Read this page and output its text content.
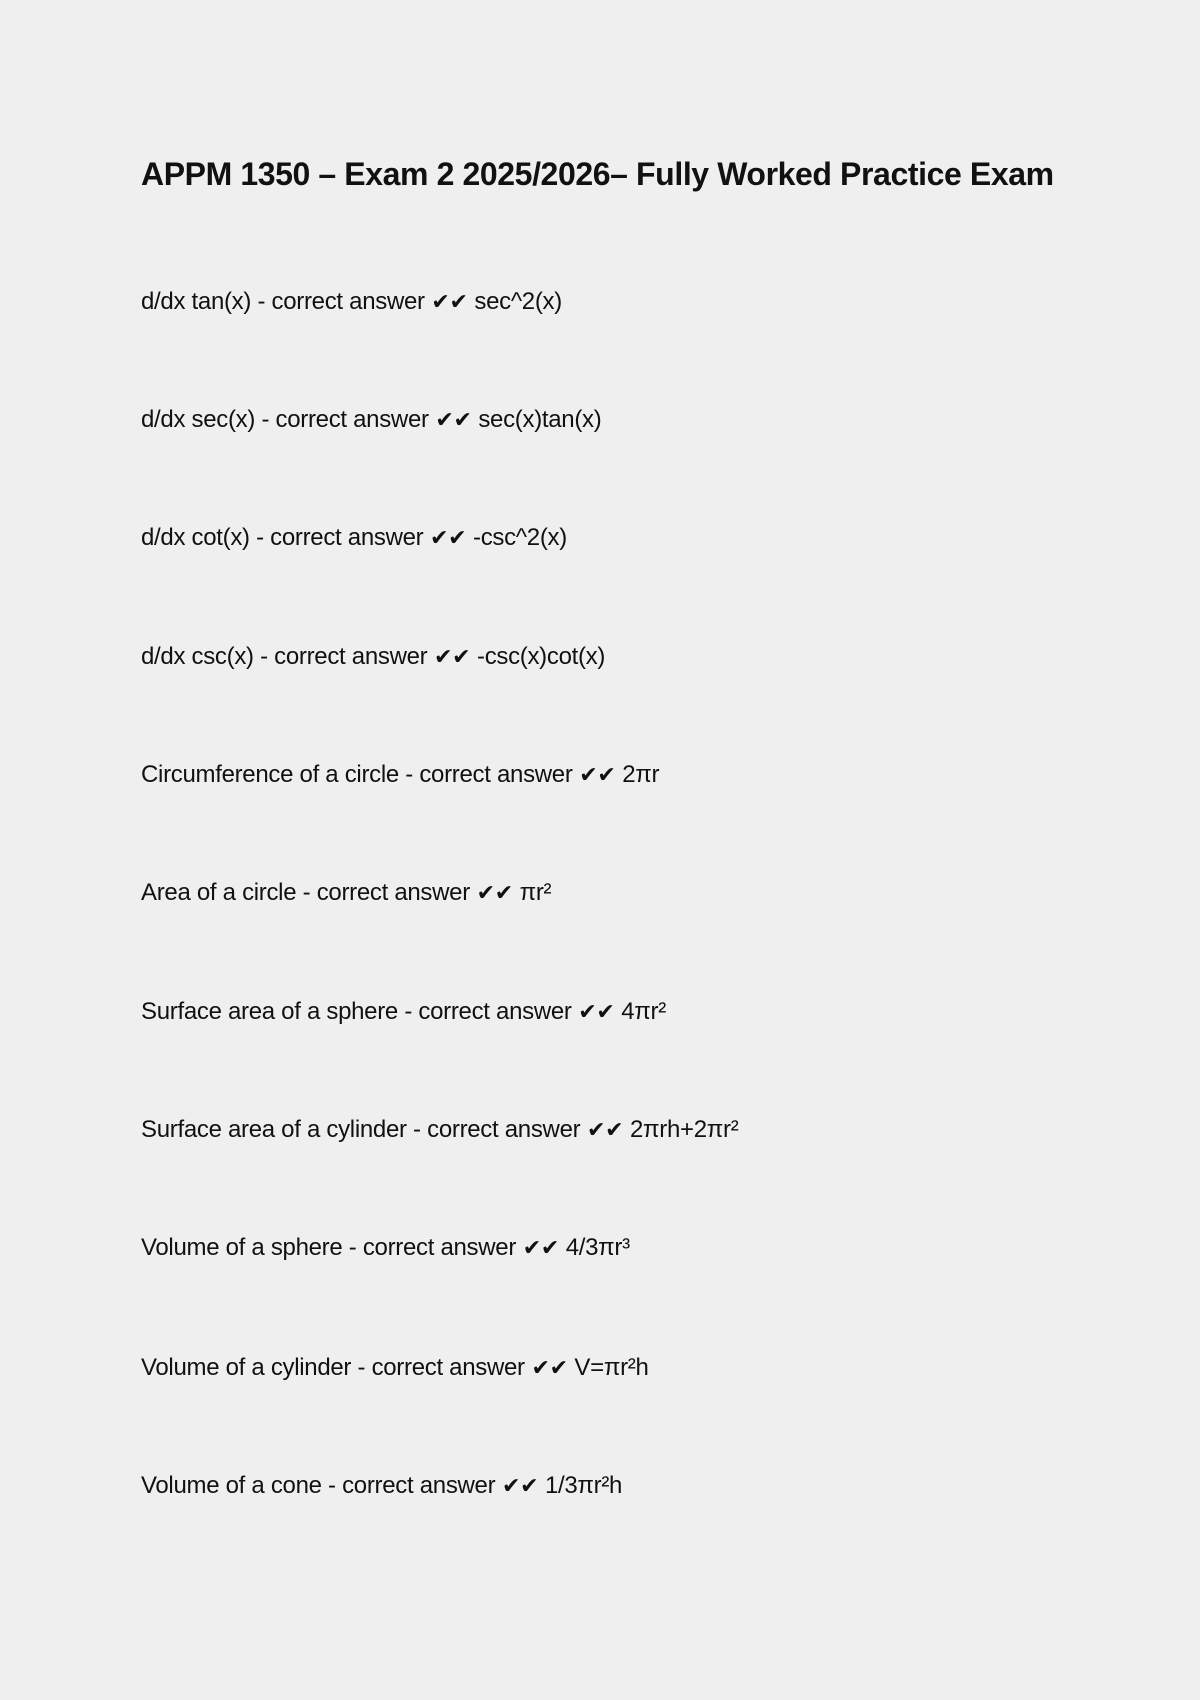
APPM 1350 – Exam 2 2025/2026– Fully Worked Practice Exam
d/dx tan(x) - correct answer ✔✔ sec^2(x)
d/dx sec(x) - correct answer ✔✔ sec(x)tan(x)
d/dx cot(x) - correct answer ✔✔ -csc^2(x)
d/dx csc(x) - correct answer ✔✔ -csc(x)cot(x)
Circumference of a circle - correct answer ✔✔ 2πr
Area of a circle - correct answer ✔✔ πr²
Surface area of a sphere - correct answer ✔✔ 4πr²
Surface area of a cylinder - correct answer ✔✔ 2πrh+2πr²
Volume of a sphere - correct answer ✔✔ 4/3πr³
Volume of a cylinder - correct answer ✔✔ V=πr²h
Volume of a cone - correct answer ✔✔ 1/3πr²h
